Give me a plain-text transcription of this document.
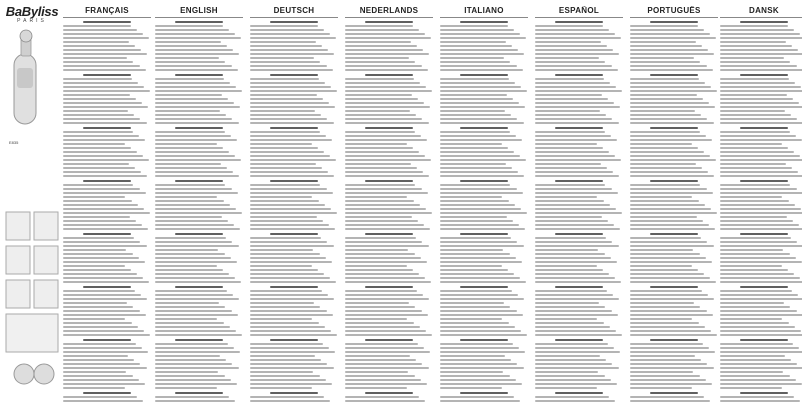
BaByliss
PARIS
E835
FRANÇAIS	ENGLISH	DEUTSCH	NEDERLANDS	ITALIANO	ESPAÑOL	PORTUGUÊS	DANSK
